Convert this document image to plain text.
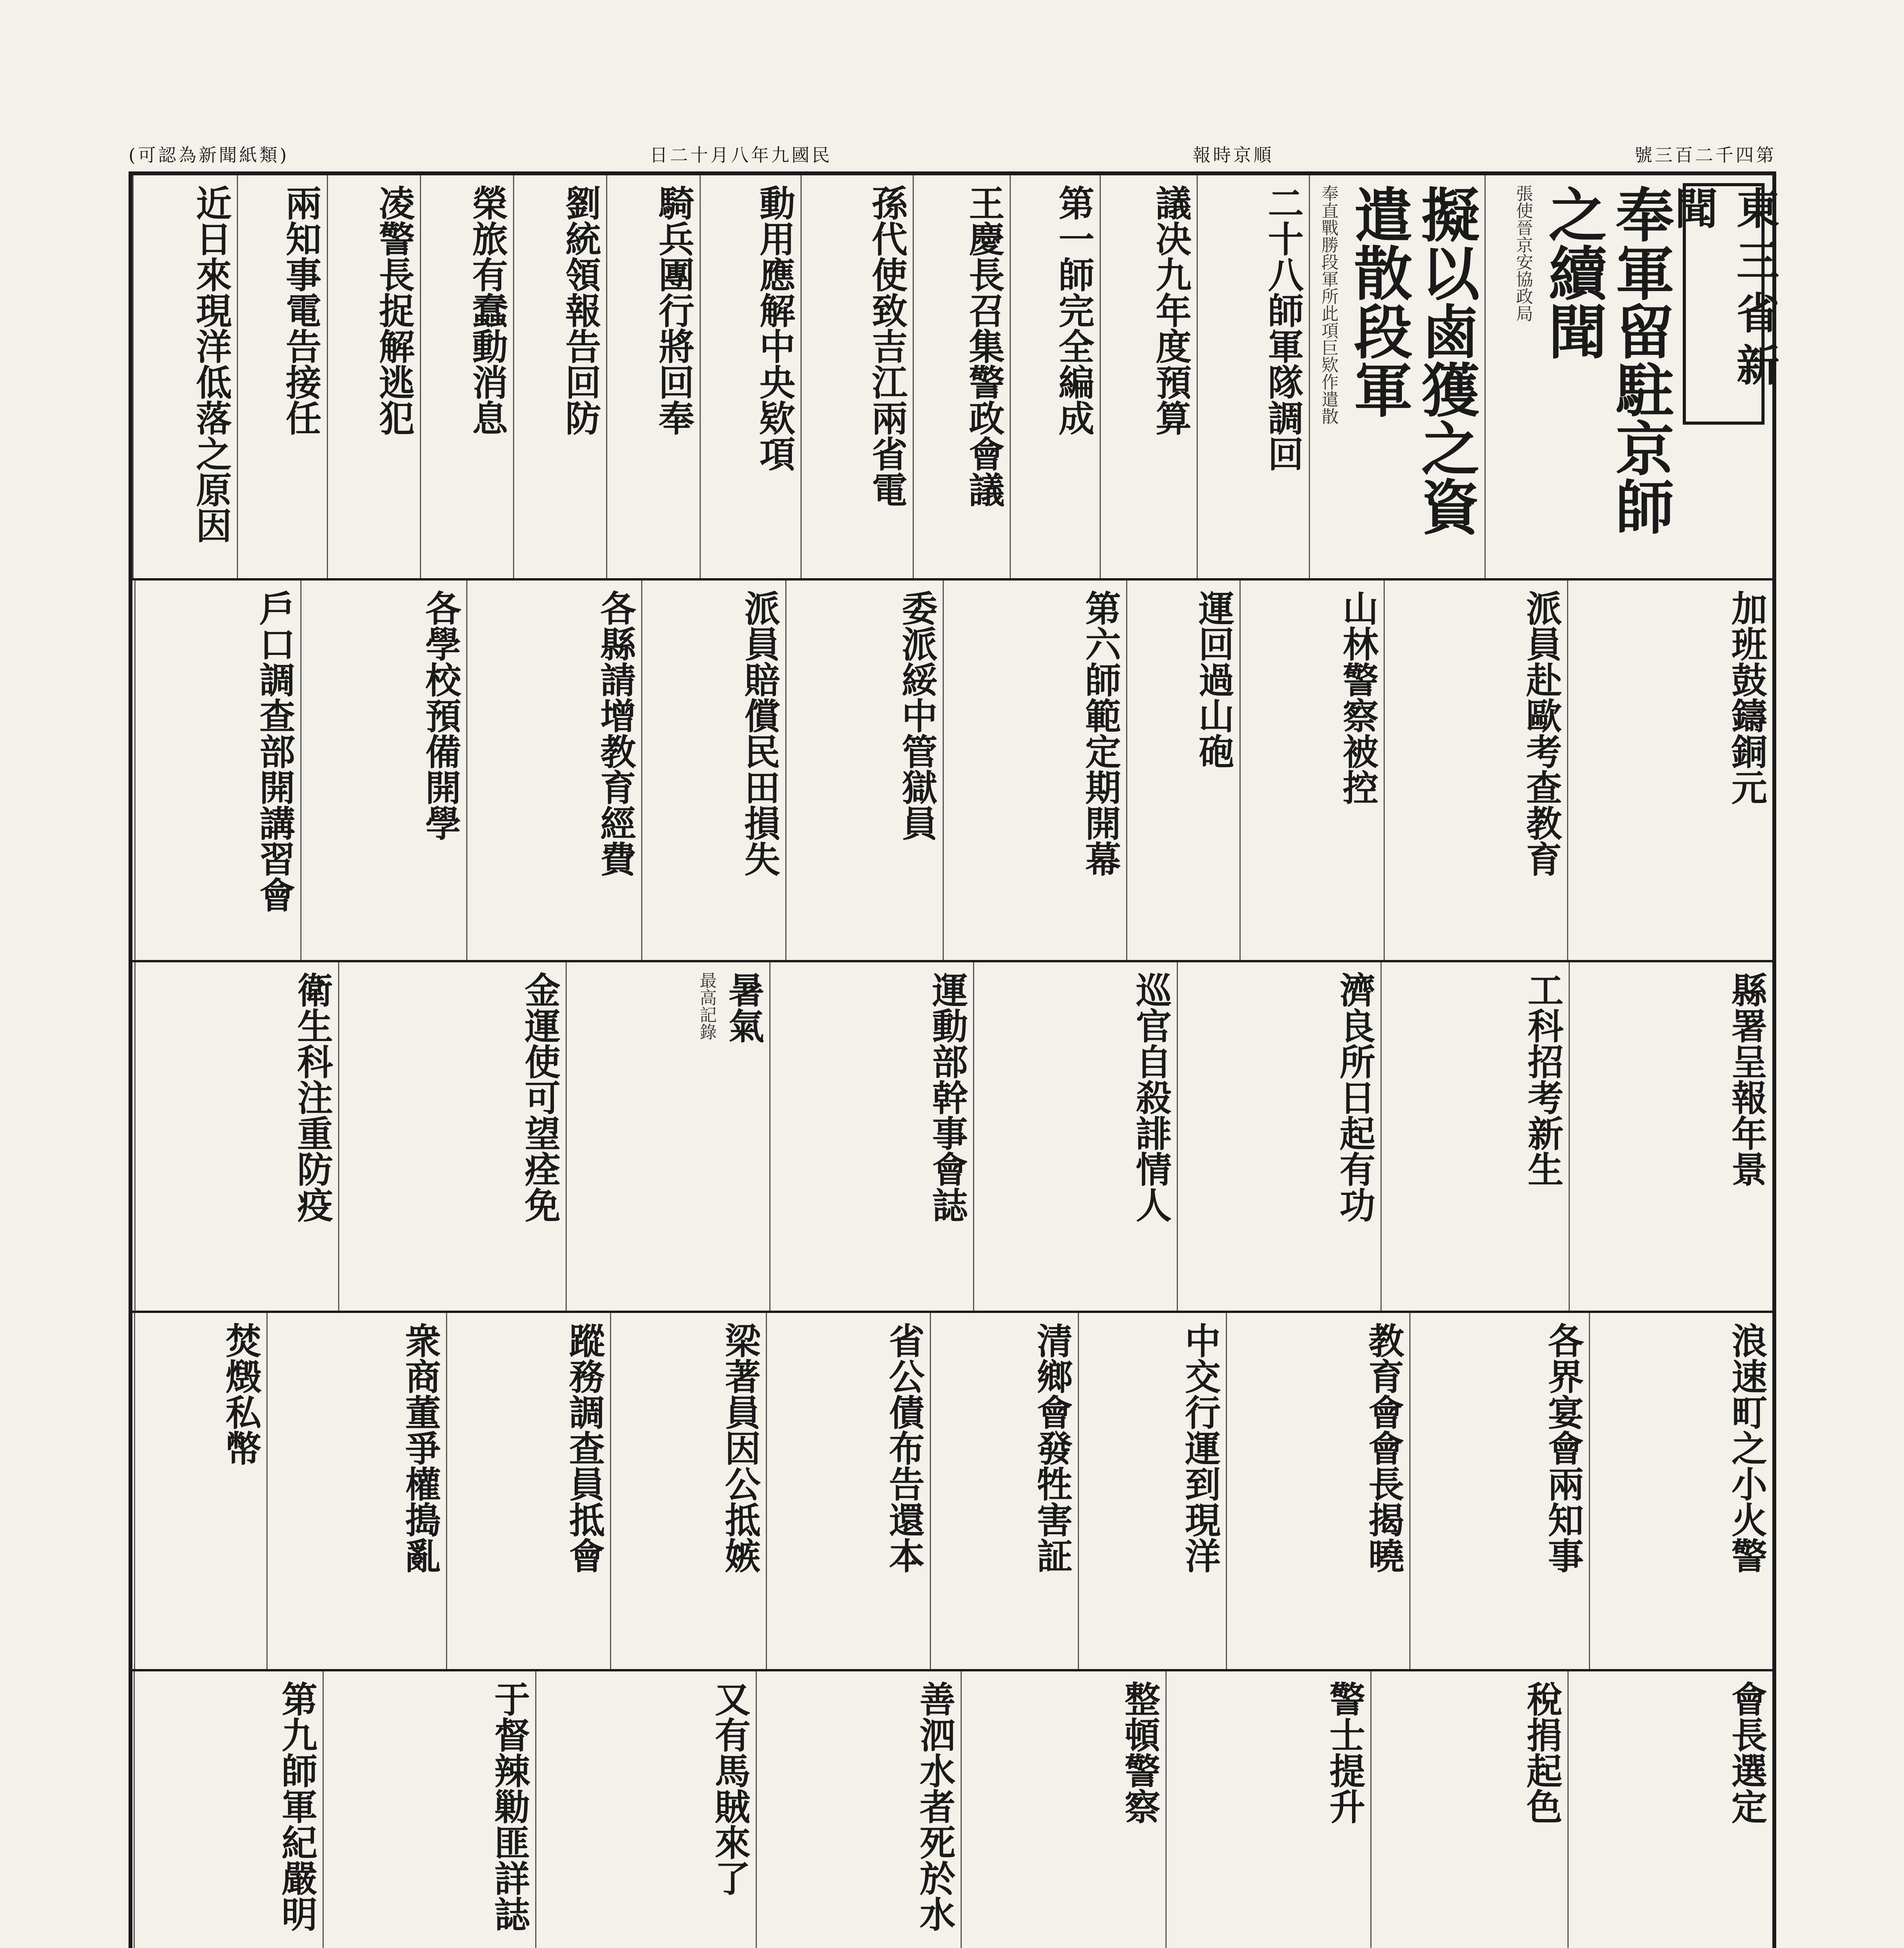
號三百二千四第
報時京順
日二十月八年九國民
(可認為新聞紙類)
東三省新聞
奉軍留駐京師之續聞
張使晉京安協政局
擬以鹵獲之資遣散段軍
奉直戰勝段軍所此項巨欵作遣散
二十八師軍隊調回
議决九年度預算
第一師完全編成
王慶長召集警政會議
孫代使致吉江兩省電
動用應解中央欵項
騎兵團行將回奉
劉統領報告回防
榮旅有蠢動消息
凌警長捉解逃犯
兩知事電告接任
近日來現洋低落之原因
加班鼓鑄銅元
派員赴歐考查教育
山林警察被控
運回過山砲
第六師範定期開幕
委派綏中管獄員
派員賠償民田損失
各縣請增教育經費
各學校預備開學
戶口調查部開講習會
縣署呈報年景
工科招考新生
濟良所日起有功
巡官自殺誹情人
運動部幹事會誌
暑氣
最高記錄
金運使可望痊免
衛生科注重防疫
浪速町之小火警
各界宴會兩知事
教育會會長揭曉
中交行運到現洋
清鄉會發牲害証
省公債布告還本
梁著員因公抵嫉
蹤務調查員抵會
衆商董爭權搗亂
焚燬私幣
會長選定
稅捐起色
警士提升
整頓警察
善泗水者死於水
又有馬賊來了
于督辣勦匪詳誌
第九師軍紀嚴明
